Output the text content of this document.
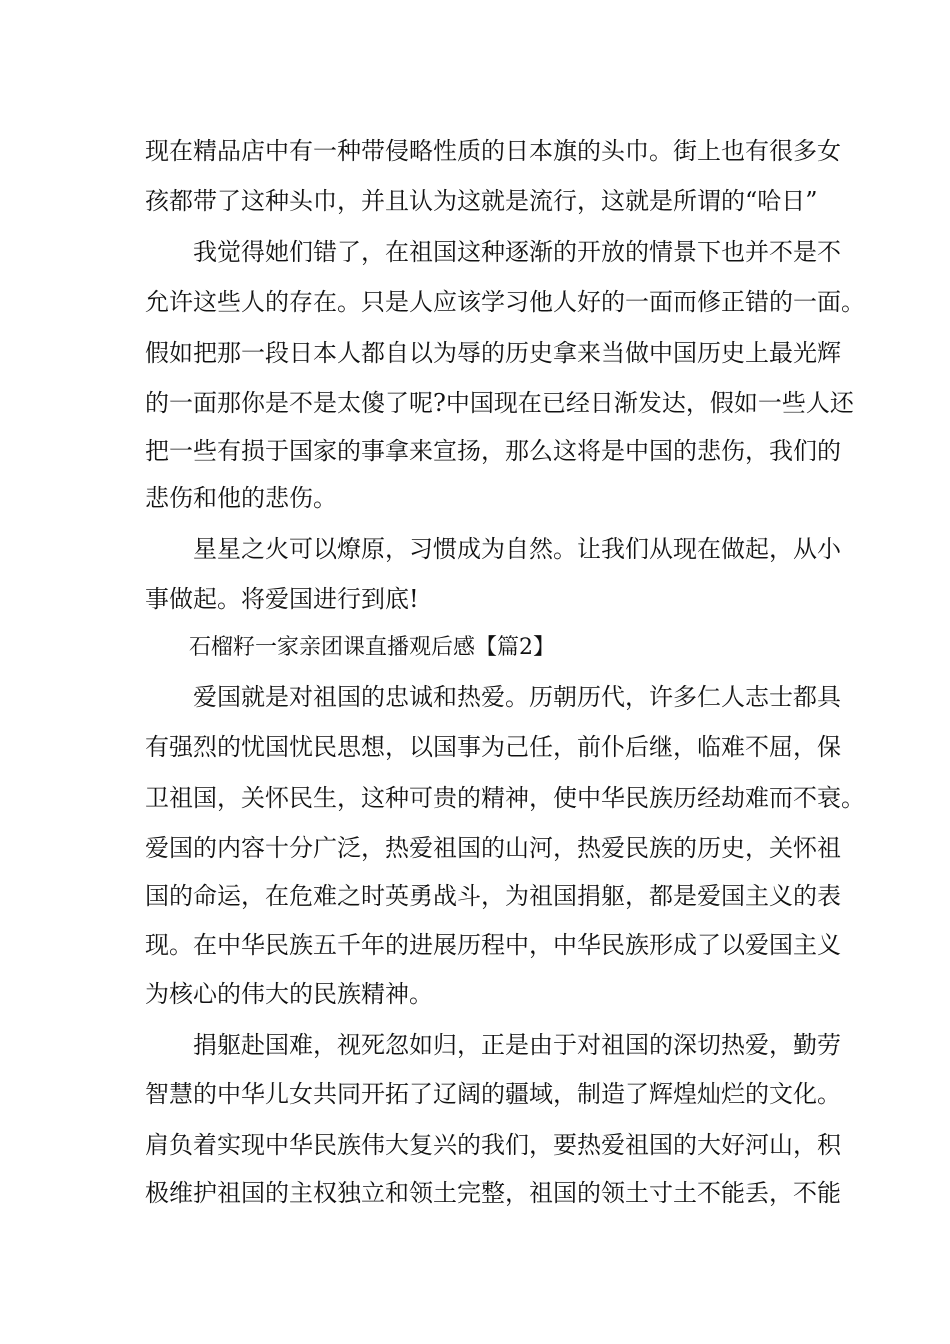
现在精品店中有一种带侵略性质的日本旗的头巾。街上也有很多女
孩都带了这种头巾，并且认为这就是流行，这就是所谓的“哈日”
我觉得她们错了，在祖国这种逐渐的开放的情景下也并不是不
允许这些人的存在。只是人应该学习他人好的一面而修正错的一面。
假如把那一段日本人都自以为辱的历史拿来当做中国历史上最光辉
的一面那你是不是太傻了呢?中国现在已经日渐发达，假如一些人还
把一些有损于国家的事拿来宣扬，那么这将是中国的悲伤，我们的
悲伤和他的悲伤。
星星之火可以燎原，习惯成为自然。让我们从现在做起，从小
事做起。将爱国进行到底!
石榴籽一家亲团课直播观后感【篇2】
爱国就是对祖国的忠诚和热爱。历朝历代，许多仁人志士都具
有强烈的忧国忧民思想，以国事为己任，前仆后继，临难不屈，保
卫祖国，关怀民生，这种可贵的精神，使中华民族历经劫难而不衰。
爱国的内容十分广泛，热爱祖国的山河，热爱民族的历史，关怀祖
国的命运，在危难之时英勇战斗，为祖国捐躯，都是爱国主义的表
现。在中华民族五千年的进展历程中，中华民族形成了以爱国主义
为核心的伟大的民族精神。
捐躯赴国难，视死忽如归，正是由于对祖国的深切热爱，勤劳
智慧的中华儿女共同开拓了辽阔的疆域，制造了辉煌灿烂的文化。
肩负着实现中华民族伟大复兴的我们，要热爱祖国的大好河山，积
极维护祖国的主权独立和领土完整，祖国的领土寸土不能丢，不能
